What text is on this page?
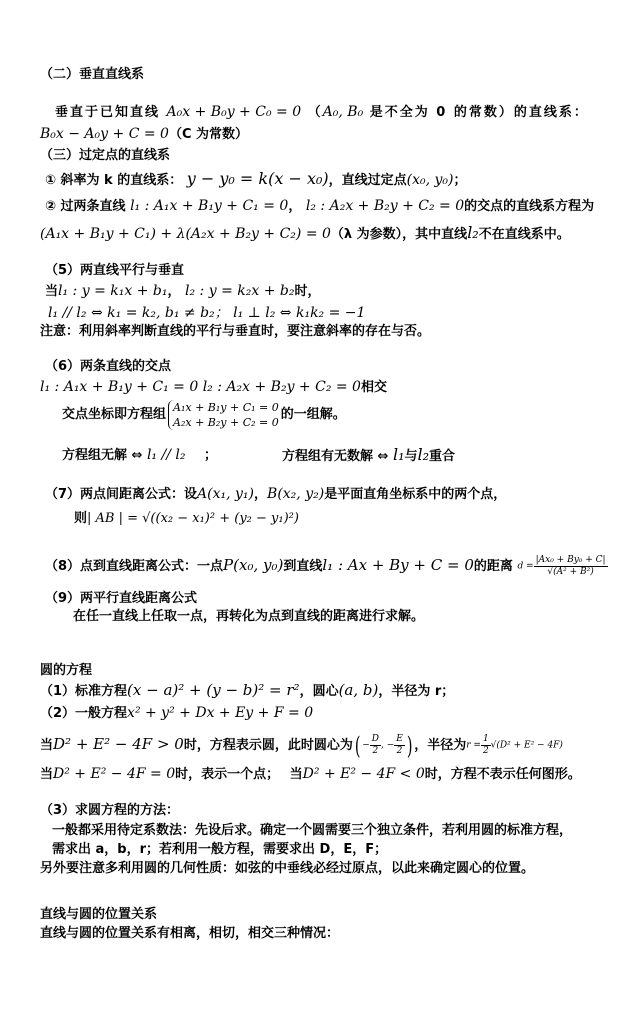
（二）垂直直线系
垂直于已知直线 A₀x + B₀y + C₀ = 0 （A₀, B₀ 是不全为 0 的常数）的直线系：
B₀x − A₀y + C = 0（C 为常数）
（三）过定点的直线系
① 斜率为 k 的直线系： y − y₀ = k(x − x₀)，直线过定点(x₀, y₀)；
② 过两条直线 l₁ : A₁x + B₁y + C₁ = 0， l₂ : A₂x + B₂y + C₂ = 0的交点的直线系方程为
(A₁x + B₁y + C₁) + λ(A₂x + B₂y + C₂) = 0（λ 为参数），其中直线l₂不在直线系中。
（5）两直线平行与垂直
当l₁ : y = k₁x + b₁， l₂ : y = k₂x + b₂时，
l₁ // l₂ ⇔ k₁ = k₂, b₁ ≠ b₂； l₁ ⊥ l₂ ⇔ k₁k₂ = −1
注意：利用斜率判断直线的平行与垂直时，要注意斜率的存在与否。
（6）两条直线的交点
l₁ : A₁x + B₁y + C₁ = 0 l₂ : A₂x + B₂y + C₂ = 0相交
交点坐标即方程组 A₁x + B₁y + C₁ = 0
A₂x + B₂y + C₂ = 0 的一组解。
方程组无解 ⇔ l₁ // l₂ ；	方程组有无数解 ⇔ l₁与l₂重合
（7）两点间距离公式：设A(x₁, y₁)，B(x₂, y₂)是平面直角坐标系中的两个点，
则| AB | = √((x₂ − x₁)² + (y₂ − y₁)²)
（8）点到直线距离公式：一点P(x₀, y₀)到直线l₁ : Ax + By + C = 0的距离 $d = \frac{\text{|Ax₀ + By₀ + C|}}{\text{√(A² + B²)}}$
（9）两平行直线距离公式
在任一直线上任取一点，再转化为点到直线的距离进行求解。
圆的方程
（1）标准方程(x − a)² + (y − b)² = r²，圆心(a, b)，半径为 r；
（2）一般方程x² + y² + Dx + Ey + F = 0
当D² + E² − 4F > 0时，方程表示圆，此时圆心为( − $\frac{D}{2}$ , − $\frac{E}{2}$ ) ，半径为$r = \frac{1}{2} √(D^2 + E^2 - 4F)$
当D² + E² − 4F = 0时，表示一个点； 当D² + E² − 4F < 0时，方程不表示任何图形。
（3）求圆方程的方法：
一般都采用待定系数法：先设后求。确定一个圆需要三个独立条件，若利用圆的标准方程，
需求出 a，b，r；若利用一般方程，需要求出 D，E，F；
另外要注意多利用圆的几何性质：如弦的中垂线必经过原点，以此来确定圆心的位置。
直线与圆的位置关系
直线与圆的位置关系有相离，相切，相交三种情况：
